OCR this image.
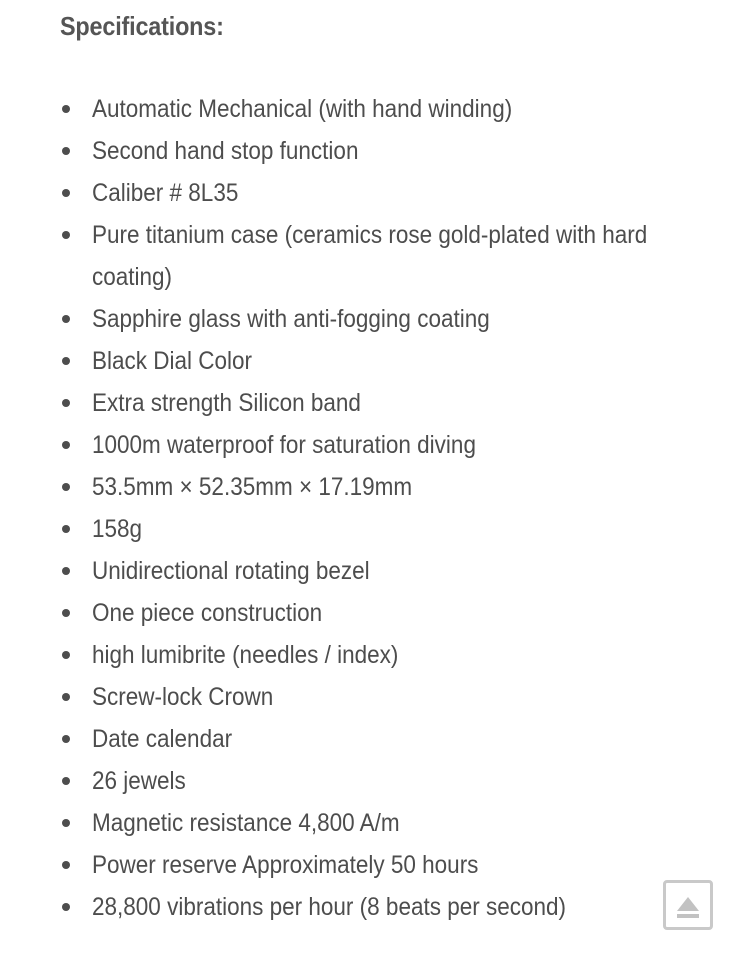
Specifications:
Automatic Mechanical (with hand winding)
Second hand stop function
Caliber # 8L35
Pure titanium case (ceramics rose gold-plated with hard coating)
Sapphire glass with anti-fogging coating
Black Dial Color
Extra strength Silicon band
1000m waterproof for saturation diving
53.5mm × 52.35mm × 17.19mm
158g
Unidirectional rotating bezel
One piece construction
high lumibrite (needles / index)
Screw-lock Crown
Date calendar
26 jewels
Magnetic resistance 4,800 A/m
Power reserve Approximately 50 hours
28,800 vibrations per hour (8 beats per second)
